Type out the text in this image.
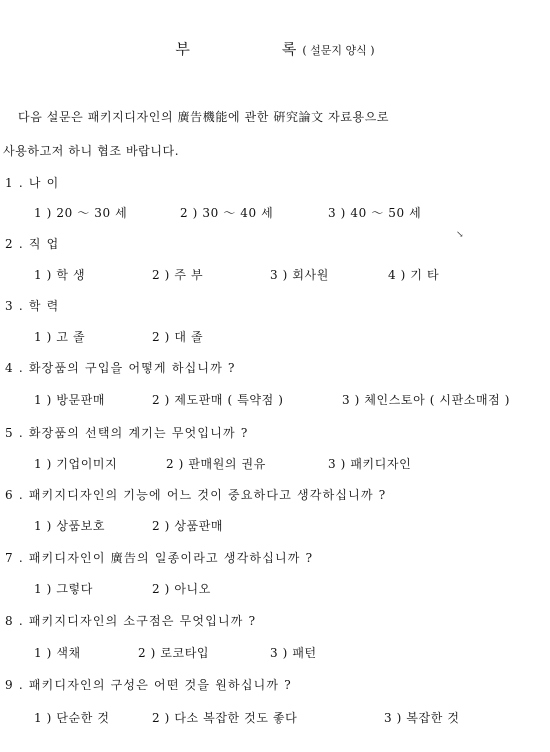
부	록 ( 설문지 양식 )
다음 설문은 패키지디자인의 廣告機能에 관한 硏究論文 자료용으로
사용하고저 하니 협조 바랍니다.
1 . 나 이
1 ) 20 ～ 30 세	2 ) 30 ～ 40 세	3 ) 40 ～ 50 세
↘
2 . 직 업
1 ) 학 생	2 ) 주 부	3 ) 회사원	4 ) 기 타
3 . 학 력
1 ) 고 졸	2 ) 대 졸
4 . 화장품의 구입을 어떻게 하십니까 ?
1 ) 방문판매	2 ) 제도판매 ( 특약점 )	3 ) 체인스토아 ( 시판소매점 )
5 . 화장품의 선택의 계기는 무엇입니까 ?
1 ) 기업이미지	2 ) 판매원의 권유	3 ) 패키디자인
6 . 패키지디자인의 기능에 어느 것이 중요하다고 생각하십니까 ?
1 ) 상품보호	2 ) 상품판매
7 . 패키디자인이 廣告의 일종이라고 생각하십니까 ?
1 ) 그렇다	2 ) 아니오
8 . 패키지디자인의 소구점은 무엇입니까 ?
1 ) 색채	2 ) 로코타입	3 ) 패턴
9 . 패키디자인의 구성은 어떤 것을 원하십니까 ?
1 ) 단순한 것	2 ) 다소 복잡한 것도 좋다	3 ) 복잡한 것
